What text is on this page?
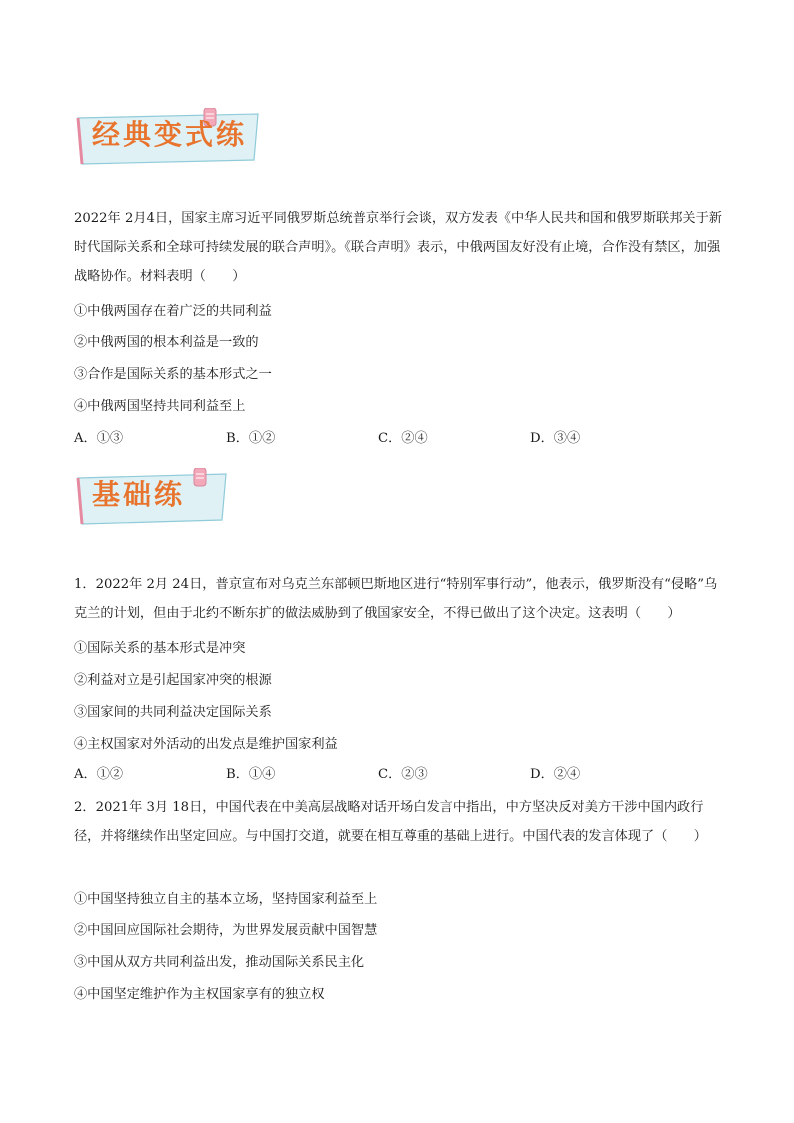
经典变式练
2022年 2月4日，国家主席习近平同俄罗斯总统普京举行会谈，双方发表《中华人民共和国和俄罗斯联邦关于新时代国际关系和全球可持续发展的联合声明》。《联合声明》表示，中俄两国友好没有止境，合作没有禁区，加强战略协作。材料表明（　　）
①中俄两国存在着广泛的共同利益
②中俄两国的根本利益是一致的
③合作是国际关系的基本形式之一
④中俄两国坚持共同利益至上
A．①③	B．①②	C．②④	D．③④
基础练
1．2022年 2月 24日，普京宣布对乌克兰东部顿巴斯地区进行“特别军事行动”，他表示，俄罗斯没有“侵略”乌克兰的计划，但由于北约不断东扩的做法威胁到了俄国家安全，不得已做出了这个决定。这表明（　　）
①国际关系的基本形式是冲突
②利益对立是引起国家冲突的根源
③国家间的共同利益决定国际关系
④主权国家对外活动的出发点是维护国家利益
A．①②	B．①④	C．②③	D．②④
2．2021年 3月 18日，中国代表在中美高层战略对话开场白发言中指出，中方坚决反对美方干涉中国内政行径，并将继续作出坚定回应。与中国打交道，就要在相互尊重的基础上进行。中国代表的发言体现了（　　）
①中国坚持独立自主的基本立场，坚持国家利益至上
②中国回应国际社会期待，为世界发展贡献中国智慧
③中国从双方共同利益出发，推动国际关系民主化
④中国坚定维护作为主权国家享有的独立权
